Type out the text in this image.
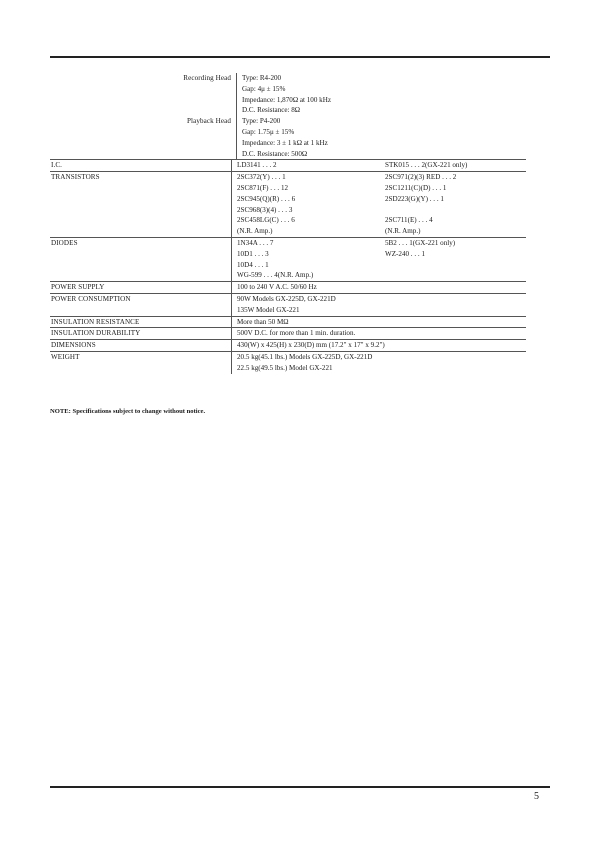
Recording Head	Type: R4-200
Gap: 4μ ± 15%
Impedance: 1,870Ω at 100 kHz
D.C. Resistance: 8Ω
Playback Head	Type: P4-200
Gap: 1.75μ ± 15%
Impedance: 3 ± 1 kΩ at 1 kHz
D.C. Resistance: 500Ω
I.C.	LD3141 . . . 2	STK015 . . . 2(GX-221 only)
TRANSISTORS	2SC372(Y) . . . 1	2SC971(2)(3) RED . . . 2
2SC871(F) . . . 12	2SC1211(C)(D) . . . 1
2SC945(Q)(R) . . . 6	2SD223(G)(Y) . . . 1
2SC968(3)(4) . . . 3

2SC458LG(C) . . . 6	2SC711(E) . . . 4
(N.R. Amp.)	(N.R. Amp.)
DIODES	1N34A . . . 7	5B2 . . . 1(GX-221 only)
10D1 . . . 3	WZ-240 . . . 1
10D4 . . . 1

WG-599 . . . 4(N.R. Amp.)

POWER SUPPLY	100 to 240 V A.C. 50/60 Hz
POWER CONSUMPTION	90W Models GX-225D, GX-221D
135W Model GX-221
INSULATION RESISTANCE	More than 50 MΩ
INSULATION DURABILITY	500V D.C. for more than 1 min. duration.
DIMENSIONS	430(W) x 425(H) x 230(D) mm (17.2" x 17" x 9.2")
WEIGHT	20.5 kg(45.1 lbs.) Models GX-225D, GX-221D
22.5 kg(49.5 lbs.) Model GX-221
NOTE: Specifications subject to change without notice.
5
